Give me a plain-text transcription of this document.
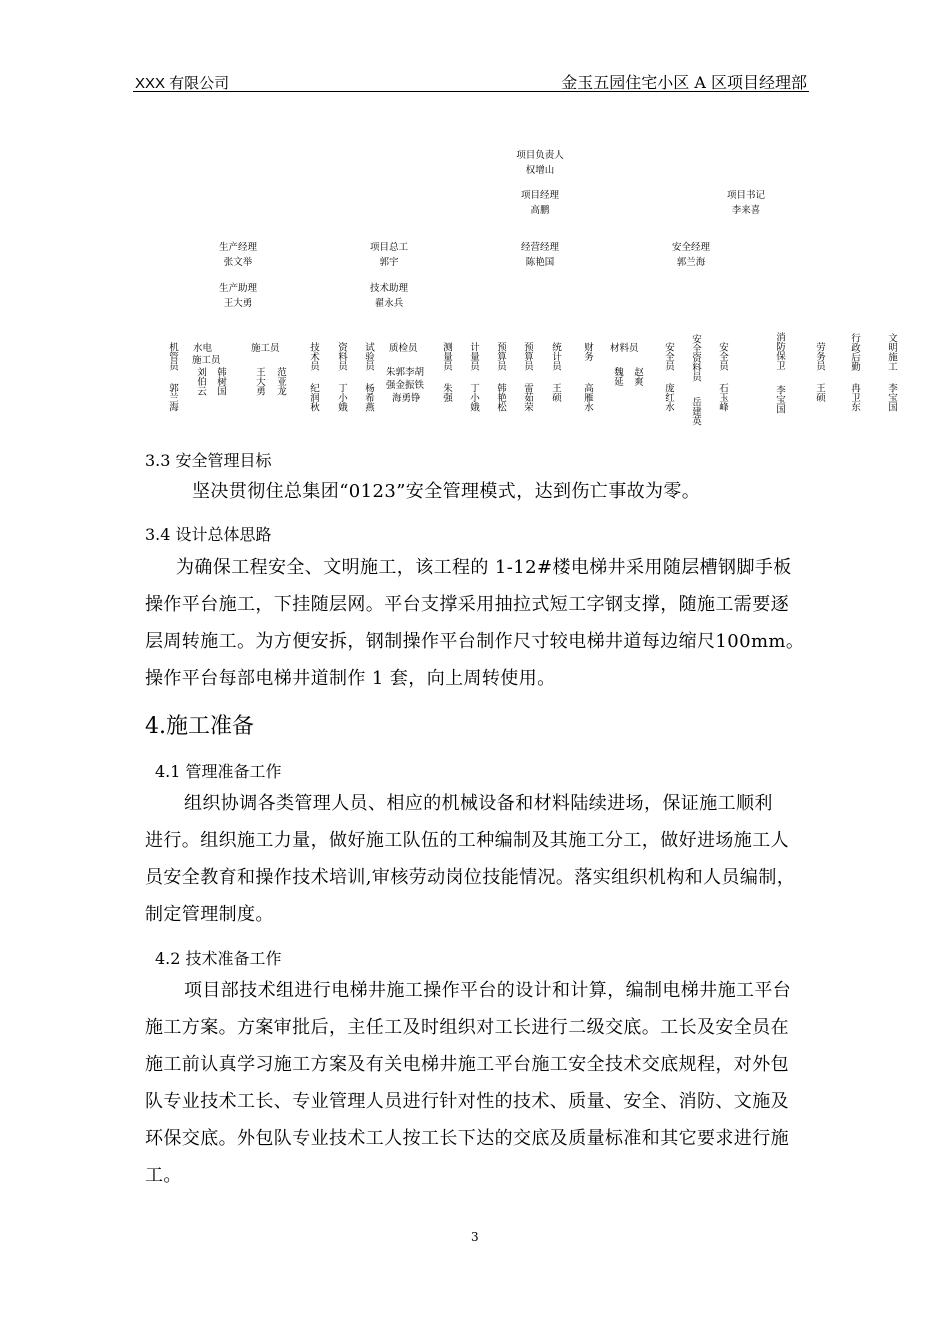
XXX 有限公司	金玉五园住宅小区 A 区项目经理部
项目负责人
权增山
项目经理
高鹏
项目书记
李来喜
生产经理
张文举
项目总工
郭宇
经营经理
陈艳国
安全经理
郭兰海
生产助理
王大勇
技术助理
翟永兵
机管员
郭兰海
水电
施工员
刘伯云 韩树国
施工员
王大勇 范亚龙
技术员
纪润秋
资料员
丁小娥
试验员
杨希燕
质检员
朱郭李胡
强金振铁
海勇铮
测量员
朱强
计量员
丁小娥
预算员
韩艳松
预算员
雷茹荣
统计员
王硕
财务
高雁水
材料员
魏延 赵爽
安全员
庞红水
安全资料员
岳建英
安全员
石玉峰
消防保卫
李宝国
劳务员
王硕
行政后勤
冉卫东
文明施工
李宝国
3.3 安全管理目标
坚决贯彻住总集团“0123”安全管理模式，达到伤亡事故为零。
3.4 设计总体思路
为确保工程安全、文明施工，该工程的 1-12#楼电梯井采用随层槽钢脚手板
操作平台施工，下挂随层网。平台支撑采用抽拉式短工字钢支撑，随施工需要逐
层周转施工。为方便安拆，钢制操作平台制作尺寸较电梯井道每边缩尺100mm。
操作平台每部电梯井道制作 1 套，向上周转使用。
4.施工准备
4.1 管理准备工作
组织协调各类管理人员、相应的机械设备和材料陆续进场，保证施工顺利
进行。组织施工力量，做好施工队伍的工种编制及其施工分工，做好进场施工人
员安全教育和操作技术培训,审核劳动岗位技能情况。落实组织机构和人员编制，
制定管理制度。
4.2 技术准备工作
项目部技术组进行电梯井施工操作平台的设计和计算，编制电梯井施工平台
施工方案。方案审批后，主任工及时组织对工长进行二级交底。工长及安全员在
施工前认真学习施工方案及有关电梯井施工平台施工安全技术交底规程，对外包
队专业技术工长、专业管理人员进行针对性的技术、质量、安全、消防、文施及
环保交底。外包队专业技术工人按工长下达的交底及质量标准和其它要求进行施
工。
3
